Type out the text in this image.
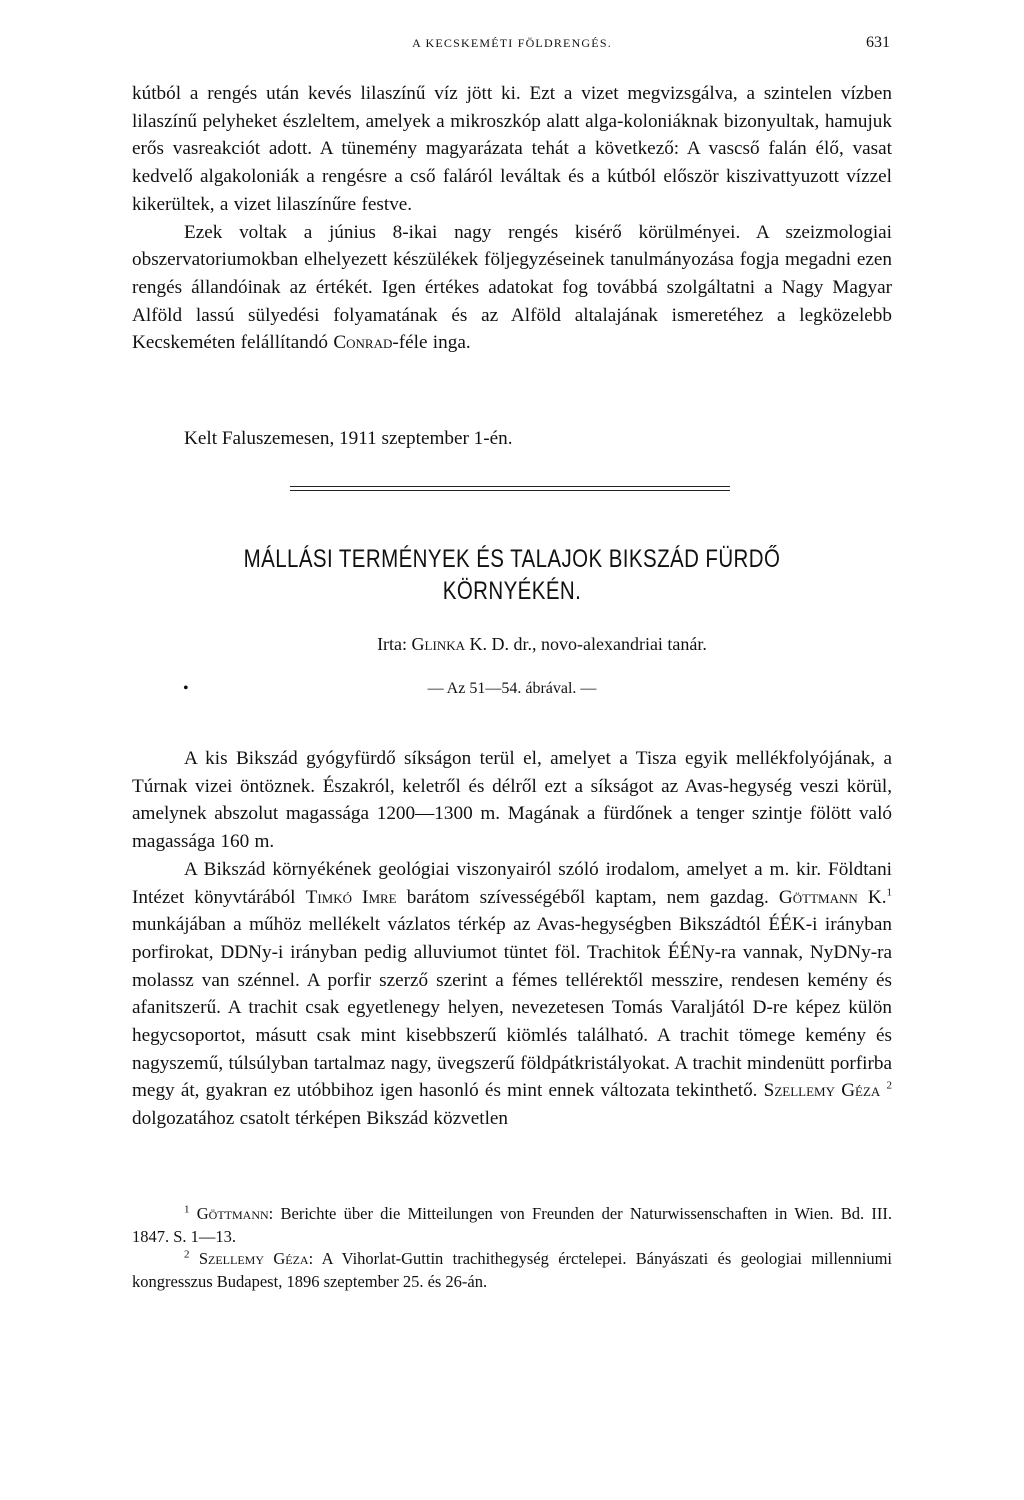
A KECSKEMÉTI FÖLDRENGÉS.	631

kútból a rengés után kevés lilaszínű víz jött ki. Ezt a vizet megvizsgálva, a szintelen vízben lilaszínű pelyheket észleltem, amelyek a mikroszkóp alatt alga-koloniáknak bizonyultak, hamujuk erős vasreakciót adott. A tünemény magyarázata tehát a következő: A vascső falán élő, vasat kedvelő algakoloniák a rengésre a cső faláról leváltak és a kútból először kiszivattyuzott vízzel kikerültek, a vizet lilaszínűre festve.

Ezek voltak a június 8-ikai nagy rengés kisérő körülményei. A szeizmologiai obszervatoriumokban elhelyezett készülékek följegyzéseinek tanulmányozása fogja megadni ezen rengés állandóinak az értékét. Igen értékes adatokat fog továbbá szolgáltatni a Nagy Magyar Alföld lassú sülyedési folyamatának és az Alföld altalajának ismeretéhez a legközelebb Kecskeméten felállítandó Conrad-féle inga.

Kelt Faluszemesen, 1911 szeptember 1-én.
MÁLLÁSI TERMÉNYEK ÉS TALAJOK BIKSZÁD FÜRDŐ
KÖRNYÉKÉN.
Irta: Glinka K. D. dr., novo-alexandriai tanár.
•	— Az 51—54. ábrával. —

A kis Bikszád gyógyfürdő síkságon terül el, amelyet a Tisza egyik mellékfolyójának, a Túrnak vizei öntöznek. Északról, keletről és délről ezt a síkságot az Avas-hegység veszi körül, amelynek abszolut magassága 1200—1300 m. Magának a fürdőnek a tenger szintje fölött való magassága 160 m.

A Bikszád környékének geológiai viszonyairól szóló irodalom, amelyet a m. kir. Földtani Intézet könyvtárából Timkó Imre barátom szívességéből kaptam, nem gazdag. Göttmann K.$^1$ munkájában a műhöz mellékelt vázlatos térkép az Avas-hegységben Bikszádtól ÉÉK-i irányban porfirokat, DDNy-i irányban pedig alluviumot tüntet föl. Trachitok ÉÉNy-ra vannak, NyDNy-ra molassz van szénnel. A porfir szerző szerint a fémes tellérektől messzire, rendesen kemény és afanitszerű. A trachit csak egyetlenegy helyen, nevezetesen Tomás Varaljától D-re képez külön hegycsoportot, másutt csak mint kisebbszerű kiömlés található. A trachit tömege kemény és nagyszemű, túlsúlyban tartalmaz nagy, üvegszerű földpátkristályokat. A trachit mindenütt porfirba megy át, gyakran ez utóbbihoz igen hasonló és mint ennek változata tekinthető. Szellemy Géza $^2$ dolgozatához csatolt térképen Bikszád közvetlen

$^1$ Göttmann: Berichte über die Mitteilungen von Freunden der Naturwissenschaften in Wien. Bd. III. 1847. S. 1—13.

$^2$ Szellemy Géza: A Vihorlat-Guttin trachithegység érctelepei. Bányászati és geologiai millenniumi kongresszus Budapest, 1896 szeptember 25. és 26-án.
